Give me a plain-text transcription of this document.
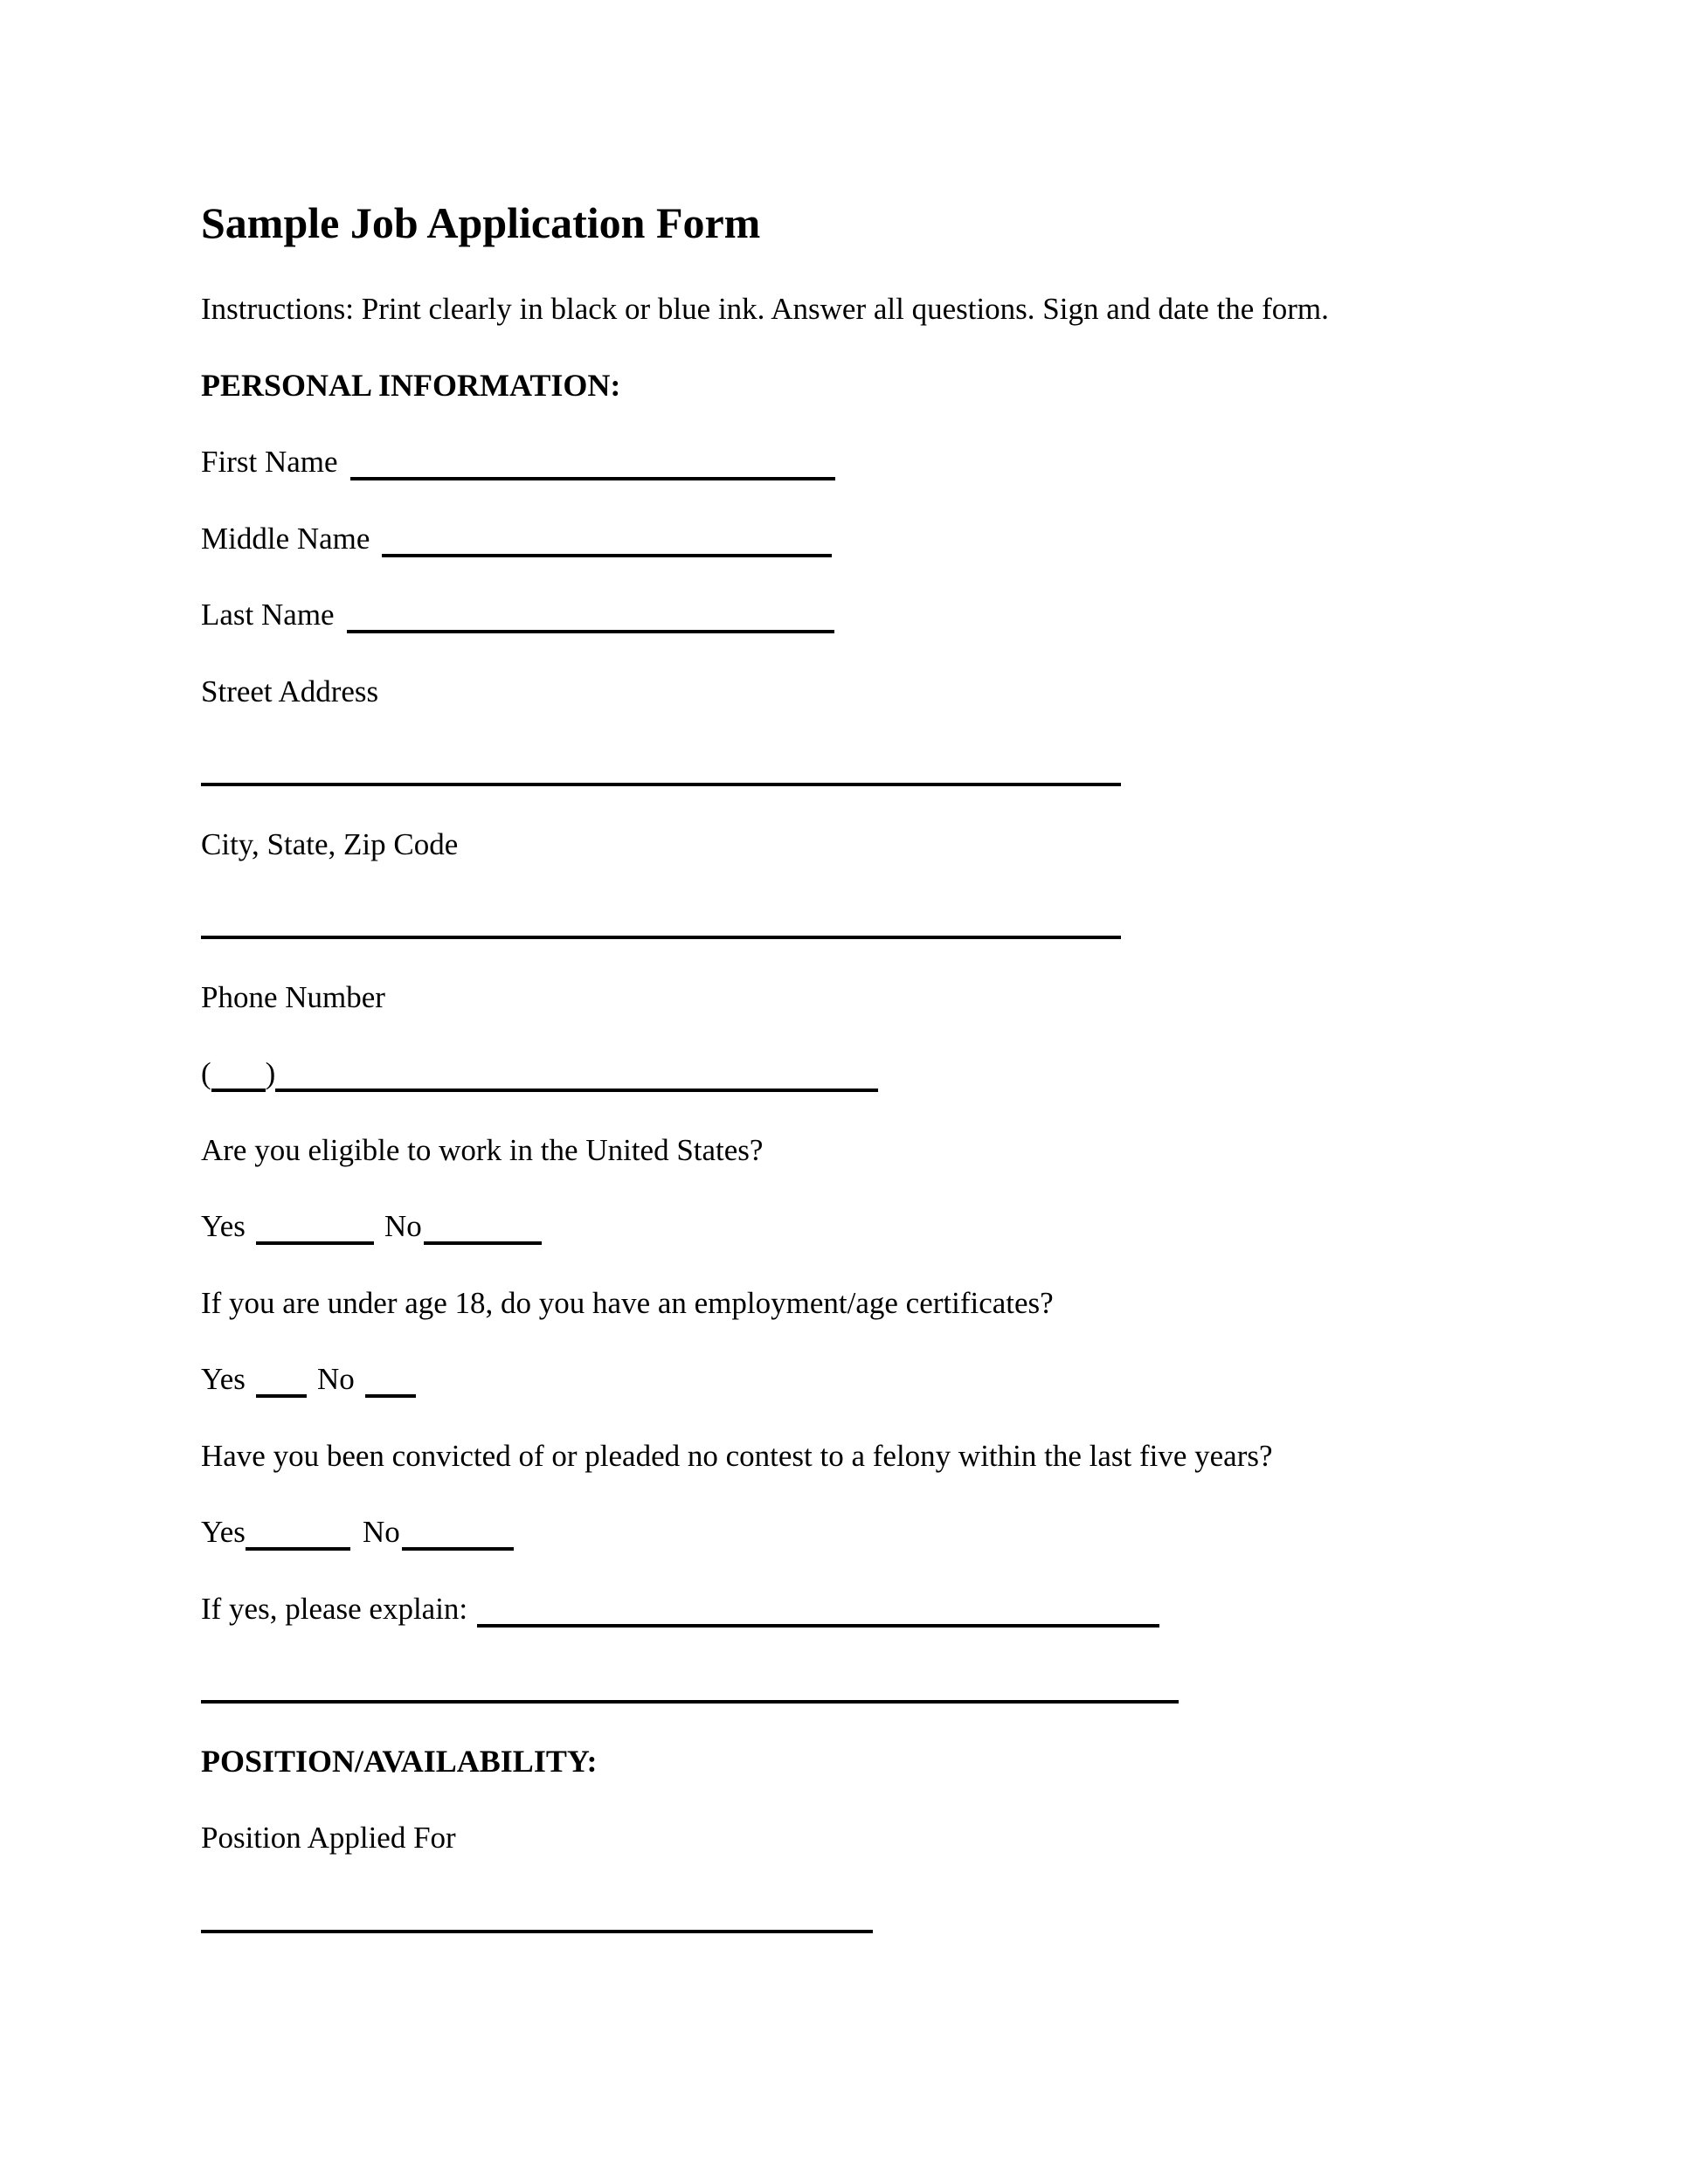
Sample Job Application Form

Instructions: Print clearly in black or blue ink. Answer all questions. Sign and date the form.

PERSONAL INFORMATION:

First Name

Middle Name

Last Name

Street Address

City, State, Zip Code

Phone Number

( )

Are you eligible to work in the United States?

Yes	No

If you are under age 18, do you have an employment/age certificates?

Yes No

Have you been convicted of or pleaded no contest to a felony within the last five years?

Yes	No

If yes, please explain:

POSITION/AVAILABILITY:

Position Applied For
